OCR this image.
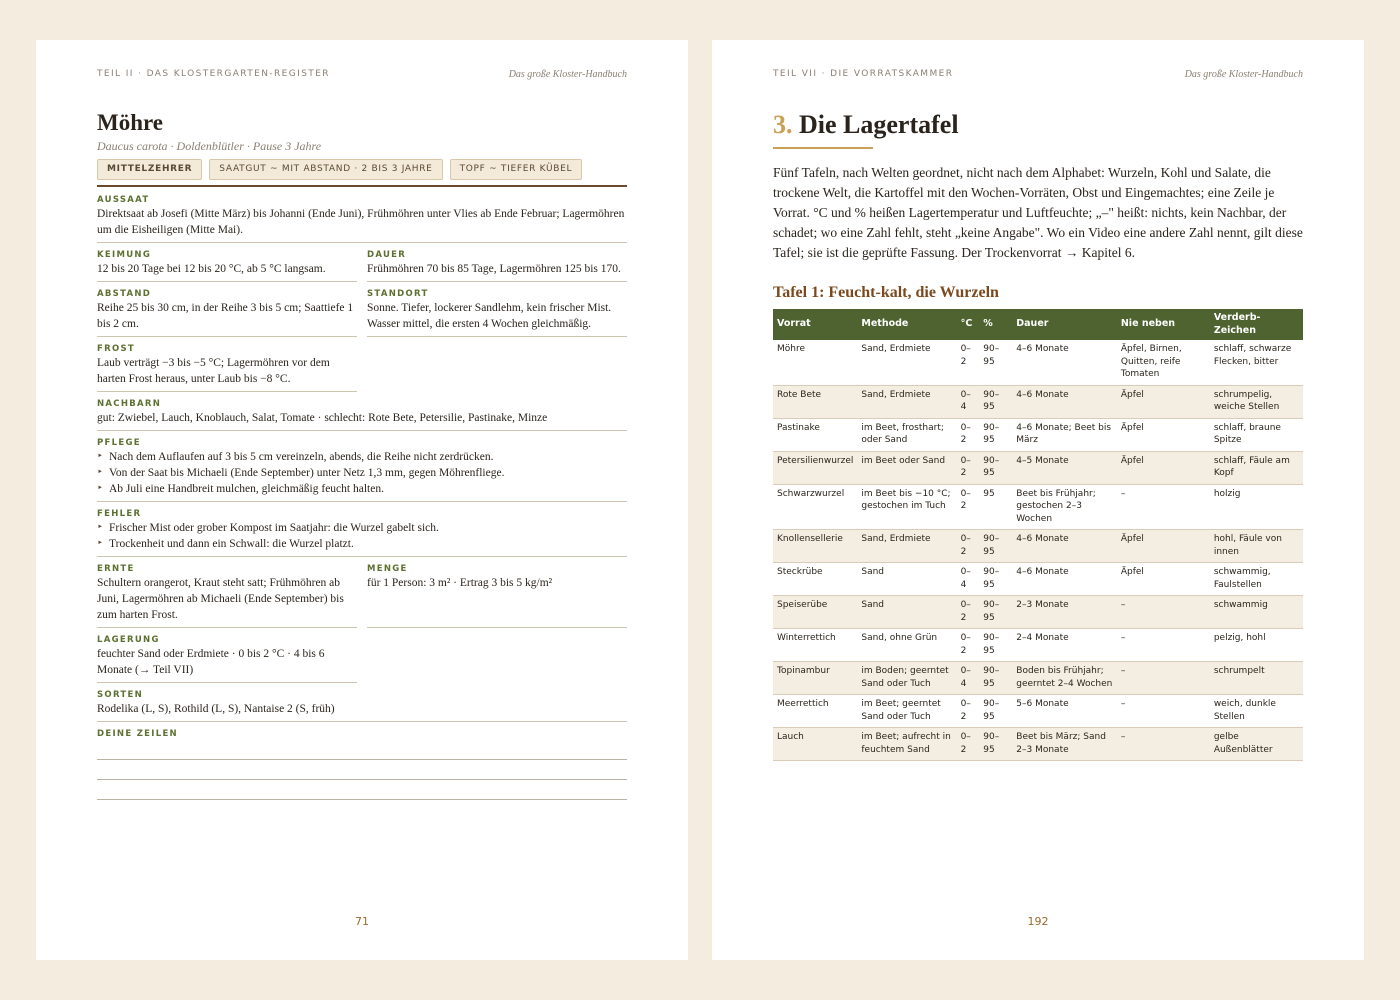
TEIL II · DAS KLOSTERGARTEN-REGISTER	Das große Kloster-Handbuch
Möhre
Daucus carota · Doldenblütler · Pause 3 Jahre
MITTELZEHRER	SAATGUT ~ MIT ABSTAND · 2 BIS 3 JAHRE	TOPF ~ TIEFER KÜBEL
AUSSAAT
Direktsaat ab Josefi (Mitte März) bis Johanni (Ende Juni), Frühmöhren unter Vlies ab Ende Februar; Lagermöhren um die Eisheiligen (Mitte Mai).
KEIMUNG
12 bis 20 Tage bei 12 bis 20 °C, ab 5 °C langsam.
DAUER
Frühmöhren 70 bis 85 Tage, Lagermöhren 125 bis 170.
ABSTAND
Reihe 25 bis 30 cm, in der Reihe 3 bis 5 cm; Saattiefe 1 bis 2 cm.
STANDORT
Sonne. Tiefer, lockerer Sandlehm, kein frischer Mist. Wasser mittel, die ersten 4 Wochen gleichmäßig.
FROST
Laub verträgt −3 bis −5 °C; Lagermöhren vor dem harten Frost heraus, unter Laub bis −8 °C.
NACHBARN
gut: Zwiebel, Lauch, Knoblauch, Salat, Tomate · schlecht: Rote Bete, Petersilie, Pastinake, Minze
PFLEGE
‣ Nach dem Auflaufen auf 3 bis 5 cm vereinzeln, abends, die Reihe nicht zerdrücken.
‣ Von der Saat bis Michaeli (Ende September) unter Netz 1,3 mm, gegen Möhrenfliege.
‣ Ab Juli eine Handbreit mulchen, gleichmäßig feucht halten.
FEHLER
‣ Frischer Mist oder grober Kompost im Saatjahr: die Wurzel gabelt sich.
‣ Trockenheit und dann ein Schwall: die Wurzel platzt.
ERNTE
Schultern orangerot, Kraut steht satt; Frühmöhren ab Juni, Lagermöhren ab Michaeli (Ende September) bis zum harten Frost.
MENGE
für 1 Person: 3 m² · Ertrag 3 bis 5 kg/m²
LAGERUNG
feuchter Sand oder Erdmiete · 0 bis 2 °C · 4 bis 6 Monate (→ Teil VII)
SORTEN
Rodelika (L, S), Rothild (L, S), Nantaise 2 (S, früh)
DEINE ZEILEN
71
TEIL VII · DIE VORRATSKAMMER	Das große Kloster-Handbuch
3. Die Lagertafel

Fünf Tafeln, nach Welten geordnet, nicht nach dem Alphabet: Wurzeln, Kohl und Salate, die trockene Welt, die Kartoffel mit den Wochen-Vorräten, Obst und Eingemachtes; eine Zeile je Vorrat. °C und % heißen Lagertemperatur und Luftfeuchte; „–" heißt: nichts, kein Nachbar, der schadet; wo eine Zahl fehlt, steht „keine Angabe". Wo ein Video eine andere Zahl nennt, gilt diese Tafel; sie ist die geprüfte Fassung. Der Trockenvorrat → Kapitel 6.

Tafel 1: Feucht-kalt, die Wurzeln
Vorrat	Methode	°C	%	Dauer	Nie neben	Verderb-Zeichen
Möhre	Sand, Erdmiete	0–2	90–95	4–6 Monate	Äpfel, Birnen, Quitten, reife Tomaten	schlaff, schwarze Flecken, bitter
Rote Bete	Sand, Erdmiete	0–4	90–95	4–6 Monate	Äpfel	schrumpelig, weiche Stellen
Pastinake	im Beet, frosthart; oder Sand	0–2	90–95	4–6 Monate; Beet bis März	Äpfel	schlaff, braune Spitze
Petersilienwurzel	im Beet oder Sand	0–2	90–95	4–5 Monate	Äpfel	schlaff, Fäule am Kopf
Schwarzwurzel	im Beet bis −10 °C; gestochen im Tuch	0–2	95	Beet bis Frühjahr; gestochen 2–3 Wochen	–	holzig
Knollensellerie	Sand, Erdmiete	0–2	90–95	4–6 Monate	Äpfel	hohl, Fäule von innen
Steckrübe	Sand	0–4	90–95	4–6 Monate	Äpfel	schwammig, Faulstellen
Speiserübe	Sand	0–2	90–95	2–3 Monate	–	schwammig
Winterrettich	Sand, ohne Grün	0–2	90–95	2–4 Monate	–	pelzig, hohl
Topinambur	im Boden; geerntet Sand oder Tuch	0–4	90–95	Boden bis Frühjahr; geerntet 2–4 Wochen	–	schrumpelt
Meerrettich	im Beet; geerntet Sand oder Tuch	0–2	90–95	5–6 Monate	–	weich, dunkle Stellen
Lauch	im Beet; aufrecht in feuchtem Sand	0–2	90–95	Beet bis März; Sand 2–3 Monate	–	gelbe Außenblätter
192
